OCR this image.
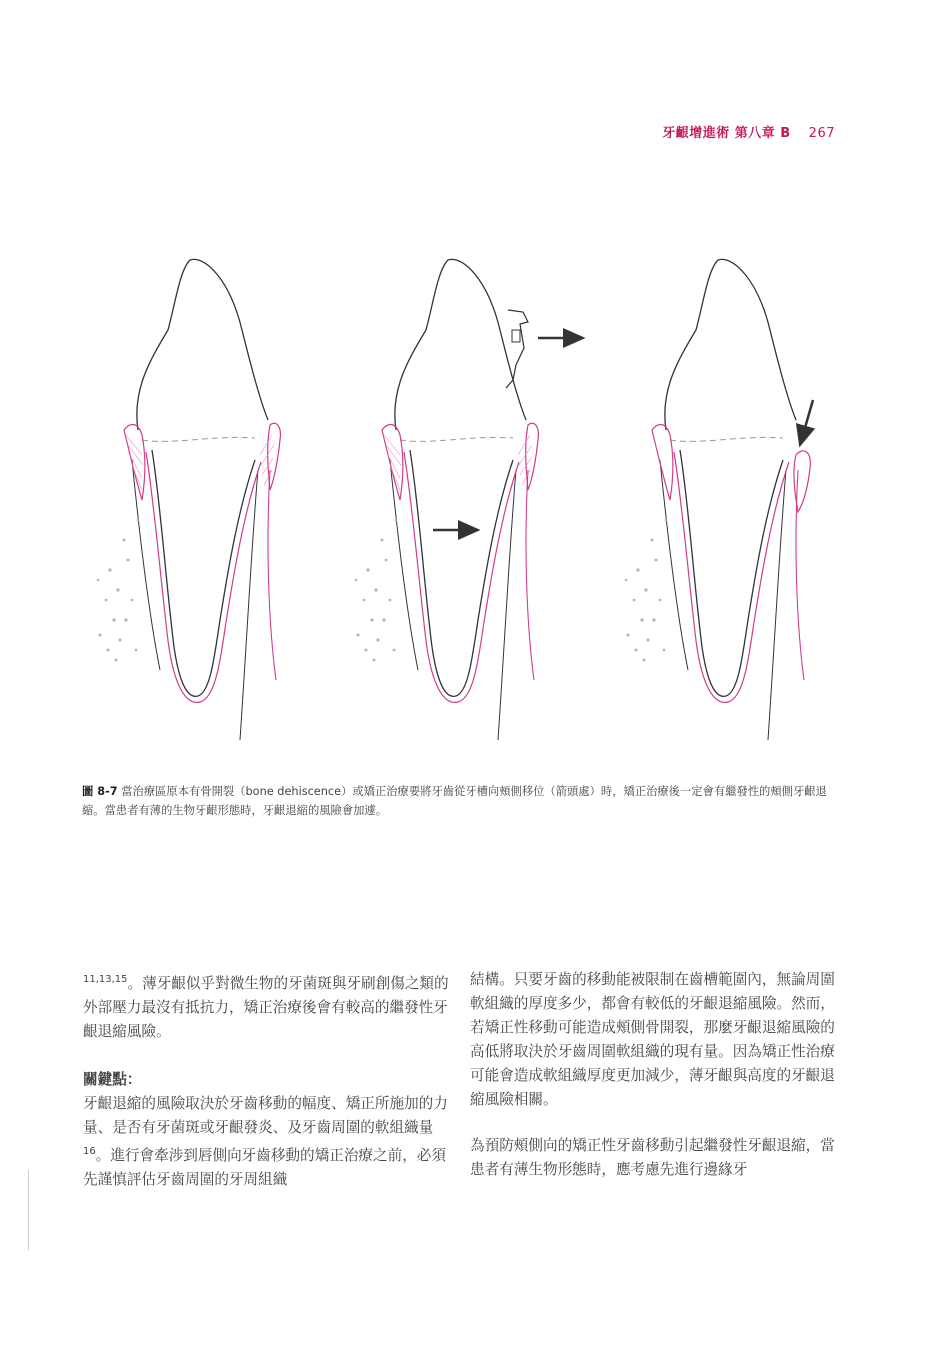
牙齦增進術 第八章 B 267
圖 8-7 當治療區原本有骨開裂（bone dehiscence）或矯正治療要將牙齒從牙槽向頰側移位（箭頭處）時，矯正治療後一定會有繼發性的頰側牙齦退縮。當患者有薄的生物牙齦形態時，牙齦退縮的風險會加遽。

$^{11,13,15}$。薄牙齦似乎對微生物的牙菌斑與牙刷創傷之類的外部壓力最沒有抵抗力，矯正治療後會有較高的繼發性牙齦退縮風險。

關鍵點：

牙齦退縮的風險取決於牙齒移動的幅度、矯正所施加的力量、是否有牙菌斑或牙齦發炎、及牙齒周圍的軟組織量$^{16}$。進行會牽涉到唇側向牙齒移動的矯正治療之前，必須先謹慎評估牙齒周圍的牙周組織

結構。只要牙齒的移動能被限制在齒槽範圍內，無論周圍軟組織的厚度多少，都會有較低的牙齦退縮風險。然而，若矯正性移動可能造成頰側骨開裂，那麼牙齦退縮風險的高低將取決於牙齒周圍軟組織的現有量。因為矯正性治療可能會造成軟組織厚度更加減少，薄牙齦與高度的牙齦退縮風險相關。

為預防頰側向的矯正性牙齒移動引起繼發性牙齦退縮，當患者有薄生物形態時，應考慮先進行邊緣牙
